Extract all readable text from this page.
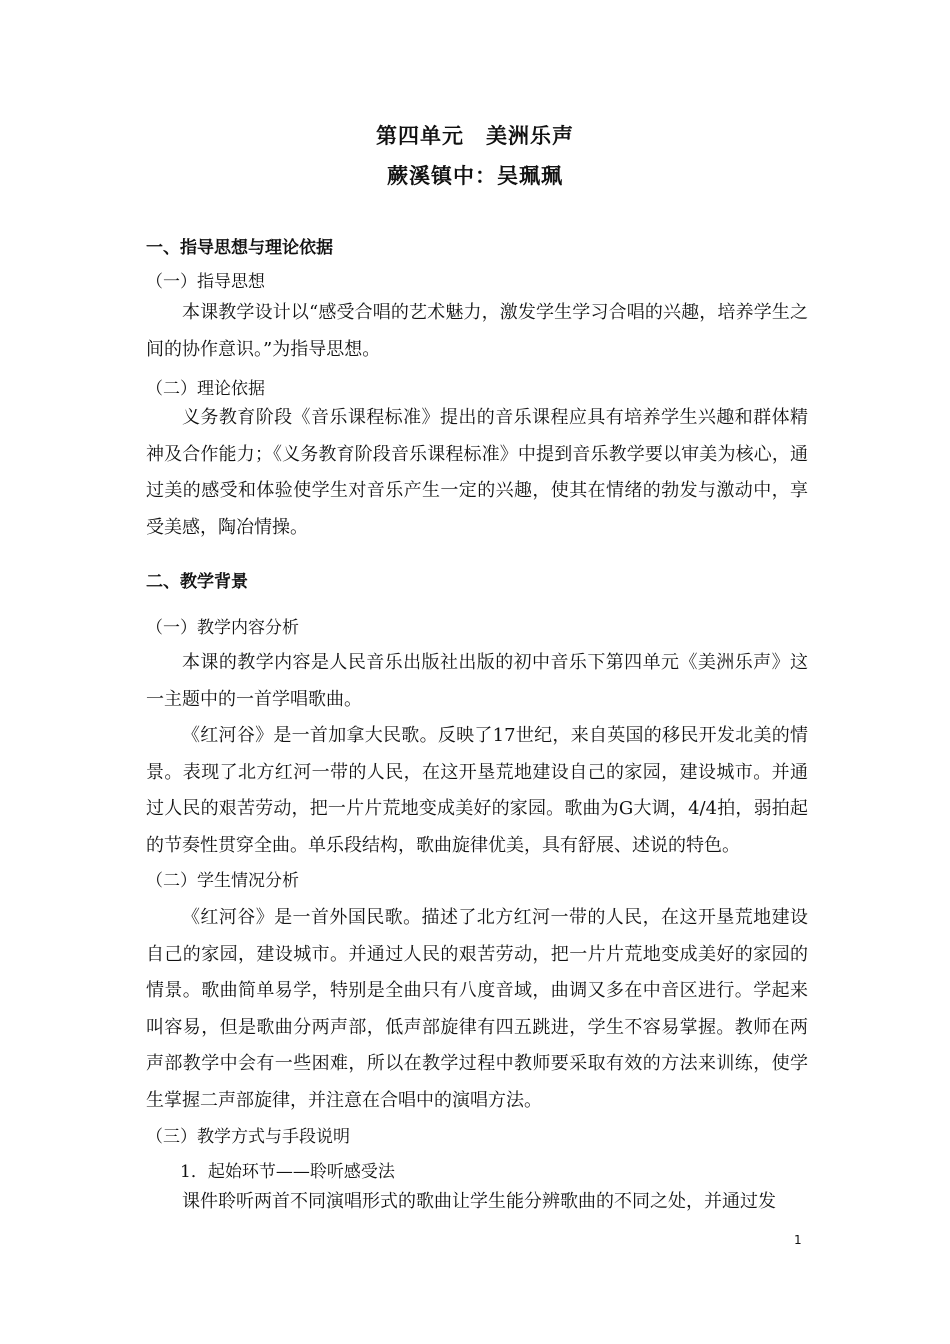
第四单元　美洲乐声
蕨溪镇中：吴珮珮
一、指导思想与理论依据
（一）指导思想
本课教学设计以“感受合唱的艺术魅力，激发学生学习合唱的兴趣，培养学生之间的协作意识。”为指导思想。
（二）理论依据
义务教育阶段《音乐课程标准》提出的音乐课程应具有培养学生兴趣和群体精神及合作能力；《义务教育阶段音乐课程标准》中提到音乐教学要以审美为核心，通过美的感受和体验使学生对音乐产生一定的兴趣，使其在情绪的勃发与激动中，享受美感，陶冶情操。
二、教学背景
（一）教学内容分析
本课的教学内容是人民音乐出版社出版的初中音乐下第四单元《美洲乐声》这一主题中的一首学唱歌曲。
《红河谷》是一首加拿大民歌。反映了17世纪，来自英国的移民开发北美的情景。表现了北方红河一带的人民，在这开垦荒地建设自己的家园，建设城市。并通过人民的艰苦劳动，把一片片荒地变成美好的家园。歌曲为G大调，4/4拍，弱拍起的节奏性贯穿全曲。单乐段结构，歌曲旋律优美，具有舒展、述说的特色。
（二）学生情况分析
《红河谷》是一首外国民歌。描述了北方红河一带的人民，在这开垦荒地建设自己的家园，建设城市。并通过人民的艰苦劳动，把一片片荒地变成美好的家园的情景。歌曲简单易学，特别是全曲只有八度音域，曲调又多在中音区进行。学起来叫容易，但是歌曲分两声部，低声部旋律有四五跳进，学生不容易掌握。教师在两声部教学中会有一些困难，所以在教学过程中教师要采取有效的方法来训练，使学生掌握二声部旋律，并注意在合唱中的演唱方法。
（三）教学方式与手段说明
1．起始环节——聆听感受法
课件聆听两首不同演唱形式的歌曲让学生能分辨歌曲的不同之处，并通过发
1
